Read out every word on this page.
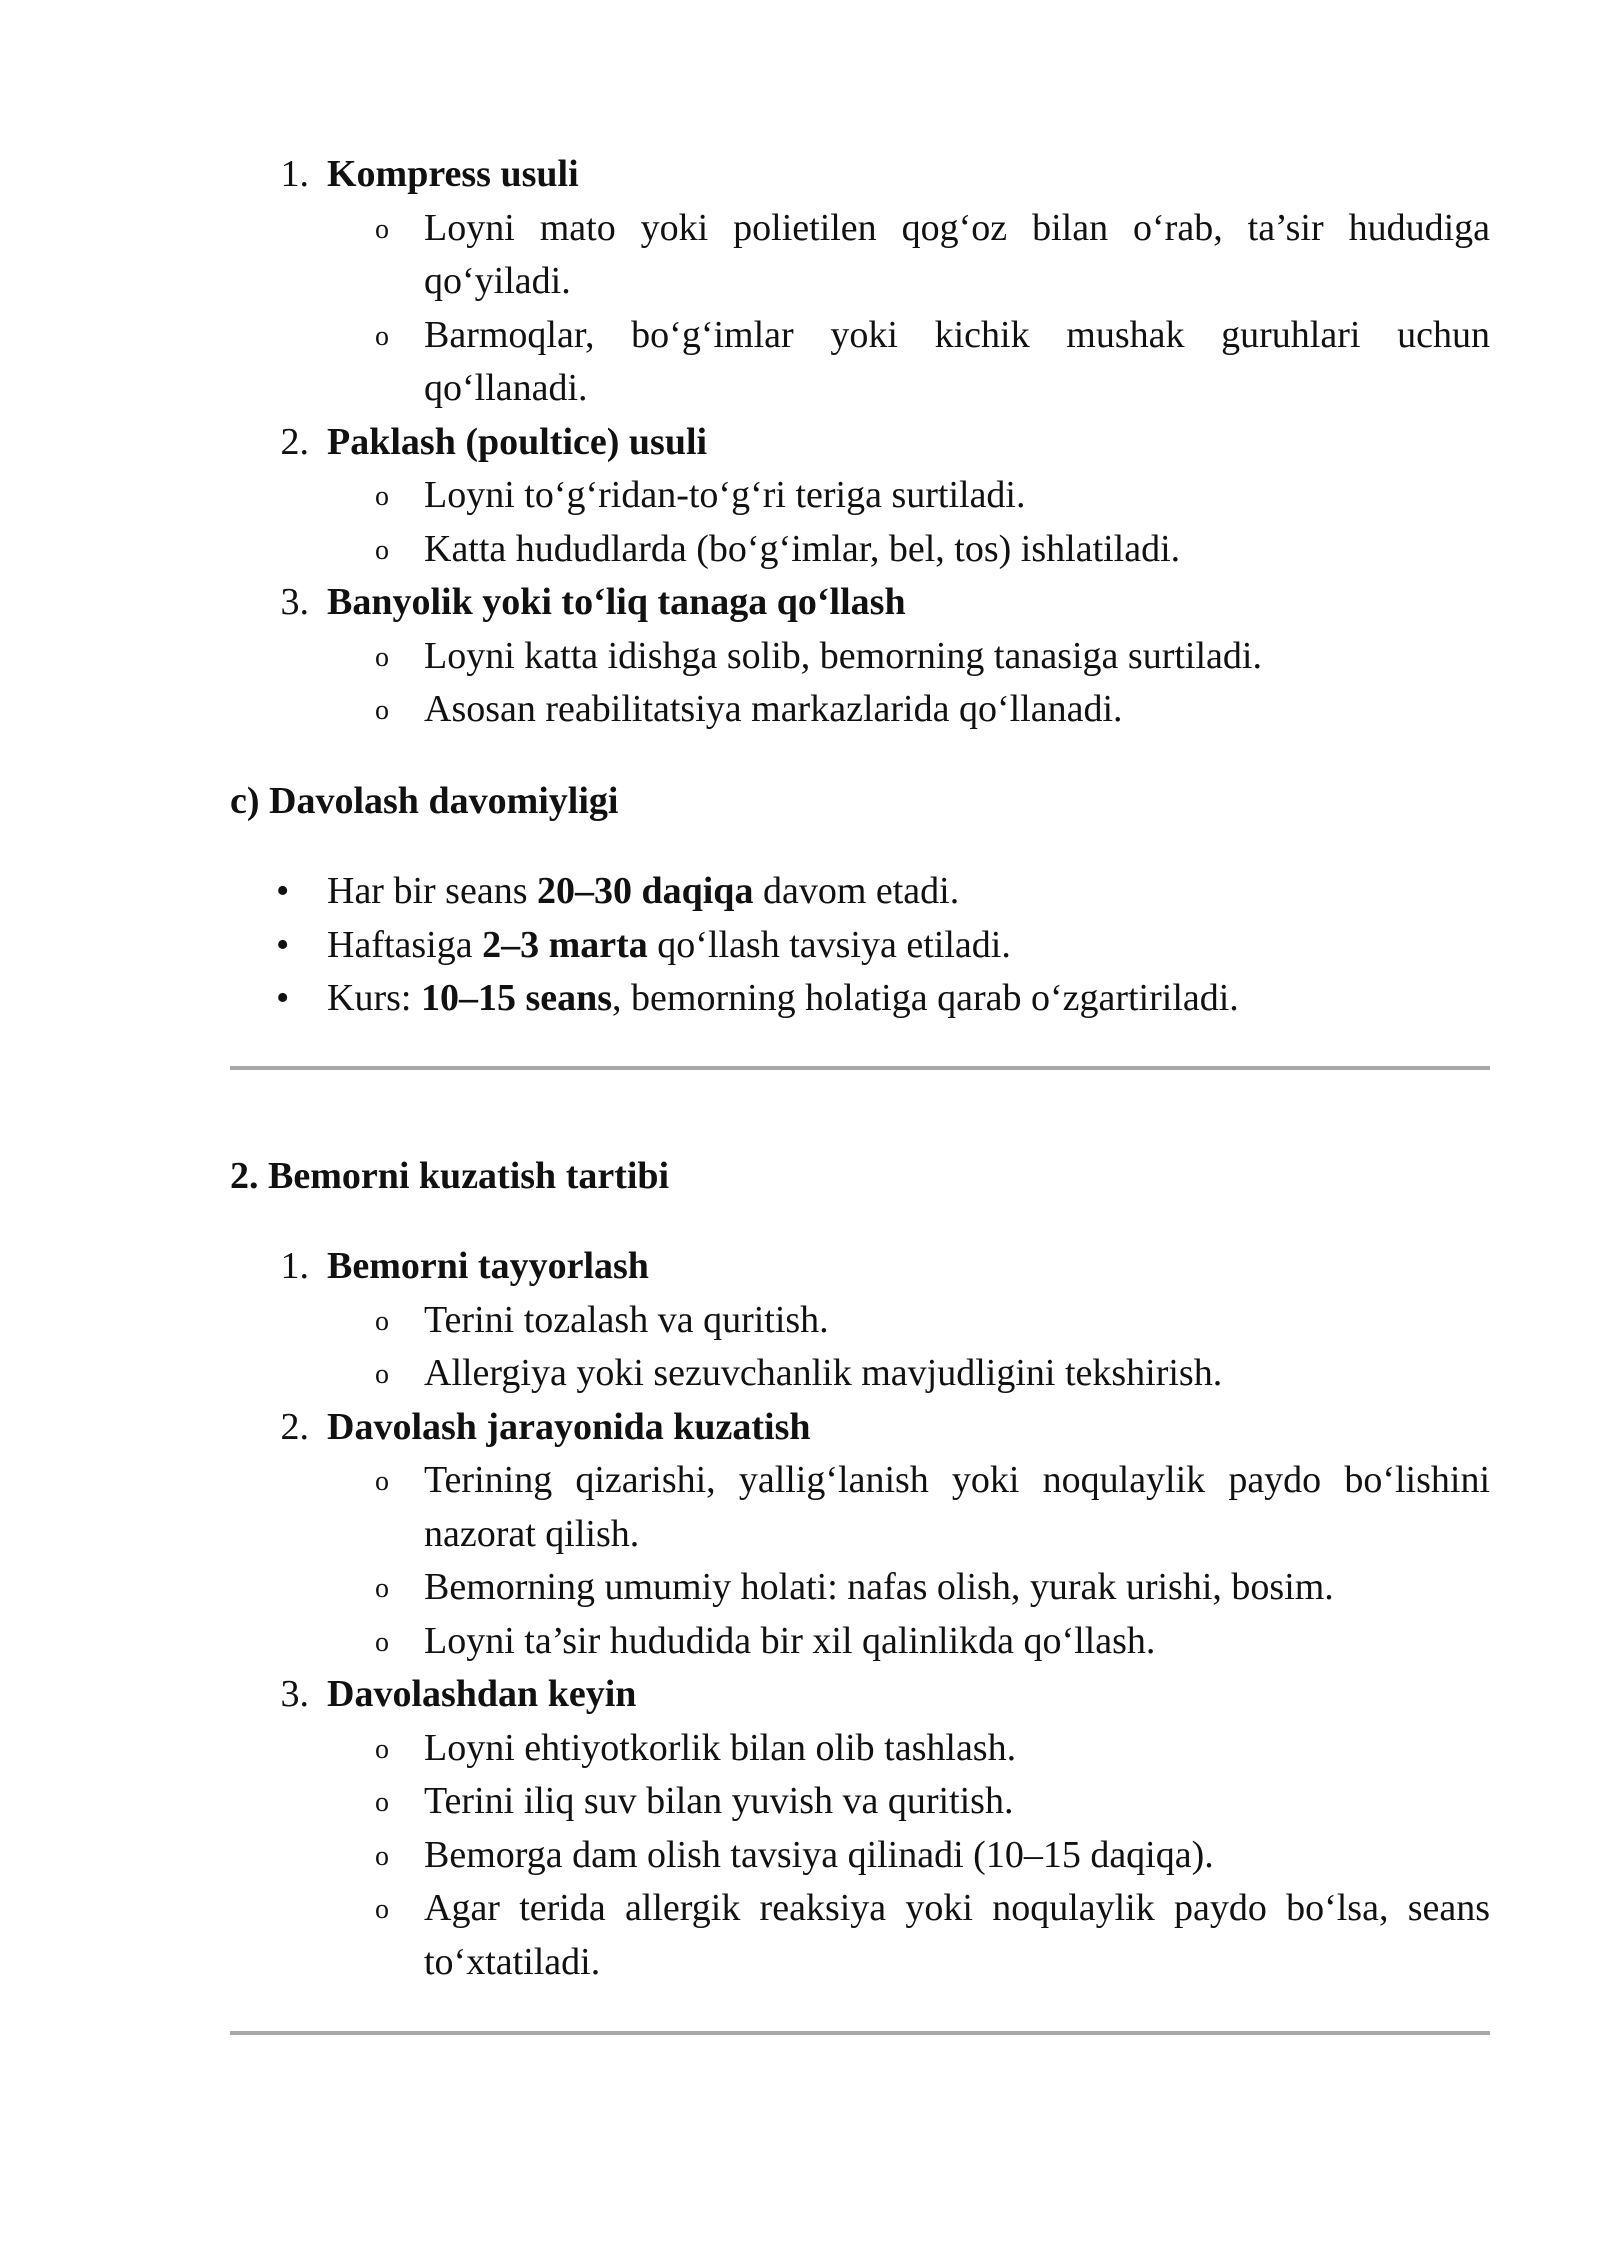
1. Kompress usuli
o Loyni mato yoki polietilen qog‘oz bilan o‘rab, ta’sir hududiga qo‘yiladi.
o Barmoqlar, bo‘g‘imlar yoki kichik mushak guruhlari uchun qo‘llanadi.
2. Paklash (poultice) usuli
o Loyni to‘g‘ridan-to‘g‘ri teriga surtiladi.
o Katta hududlarda (bo‘g‘imlar, bel, tos) ishlatiladi.
3. Banyolik yoki to‘liq tanaga qo‘llash
o Loyni katta idishga solib, bemorning tanasiga surtiladi.
o Asosan reabilitatsiya markazlarida qo‘llanadi.
c) Davolash davomiyligi
• Har bir seans 20–30 daqiqa davom etadi.
• Haftasiga 2–3 marta qo‘llash tavsiya etiladi.
• Kurs: 10–15 seans, bemorning holatiga qarab o‘zgartiriladi.
2. Bemorni kuzatish tartibi
1. Bemorni tayyorlash
o Terini tozalash va quritish.
o Allergiya yoki sezuvchanlik mavjudligini tekshirish.
2. Davolash jarayonida kuzatish
o Terining qizarishi, yallig‘lanish yoki noqulaylik paydo bo‘lishini nazorat qilish.
o Bemorning umumiy holati: nafas olish, yurak urishi, bosim.
o Loyni ta’sir hududida bir xil qalinlikda qo‘llash.
3. Davolashdan keyin
o Loyni ehtiyotkorlik bilan olib tashlash.
o Terini iliq suv bilan yuvish va quritish.
o Bemorga dam olish tavsiya qilinadi (10–15 daqiqa).
o Agar terida allergik reaksiya yoki noqulaylik paydo bo‘lsa, seans to‘xtatiladi.
